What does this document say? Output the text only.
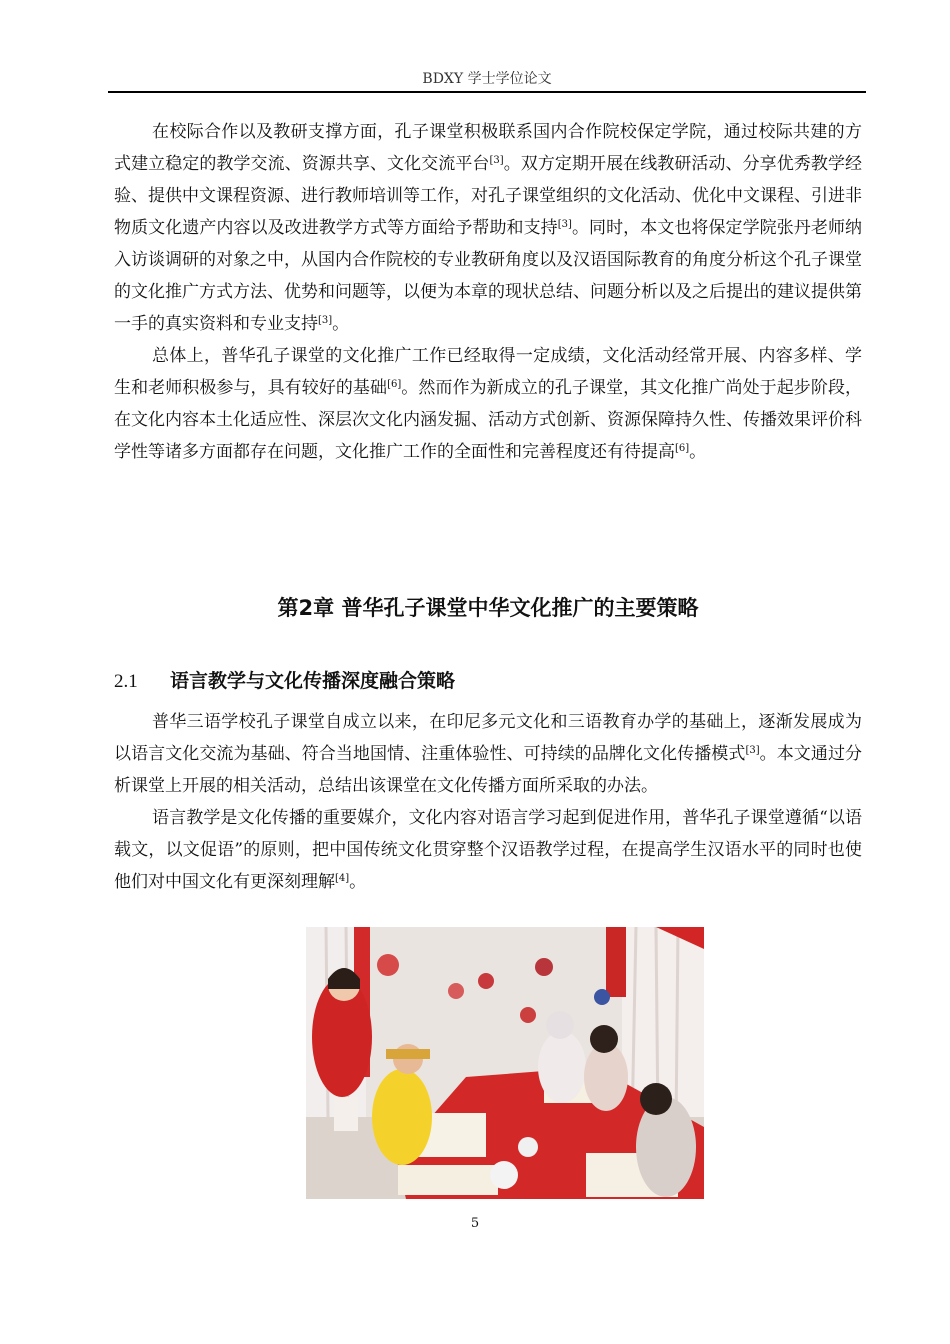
BDXY 学士学位论文

在校际合作以及教研支撑方面，孔子课堂积极联系国内合作院校保定学院，通过校际共建的方式建立稳定的教学交流、资源共享、文化交流平台[3]。双方定期开展在线教研活动、分享优秀教学经验、提供中文课程资源、进行教师培训等工作，对孔子课堂组织的文化活动、优化中文课程、引进非物质文化遗产内容以及改进教学方式等方面给予帮助和支持[3]。同时，本文也将保定学院张丹老师纳入访谈调研的对象之中，从国内合作院校的专业教研角度以及汉语国际教育的角度分析这个孔子课堂的文化推广方式方法、优势和问题等，以便为本章的现状总结、问题分析以及之后提出的建议提供第一手的真实资料和专业支持[3]。

总体上，普华孔子课堂的文化推广工作已经取得一定成绩，文化活动经常开展、内容多样、学生和老师积极参与，具有较好的基础[6]。然而作为新成立的孔子课堂，其文化推广尚处于起步阶段，在文化内容本土化适应性、深层次文化内涵发掘、活动方式创新、资源保障持久性、传播效果评价科学性等诸多方面都存在问题，文化推广工作的全面性和完善程度还有待提高[6]。

第2章 普华孔子课堂中华文化推广的主要策略
2.1 语言教学与文化传播深度融合策略

普华三语学校孔子课堂自成立以来，在印尼多元文化和三语教育办学的基础上，逐渐发展成为以语言文化交流为基础、符合当地国情、注重体验性、可持续的品牌化文化传播模式[3]。本文通过分析课堂上开展的相关活动，总结出该课堂在文化传播方面所采取的办法。

语言教学是文化传播的重要媒介，文化内容对语言学习起到促进作用，普华孔子课堂遵循“以语载文，以文促语”的原则，把中国传统文化贯穿整个汉语教学过程，在提高学生汉语水平的同时也使他们对中国文化有更深刻理解[4]。

5
